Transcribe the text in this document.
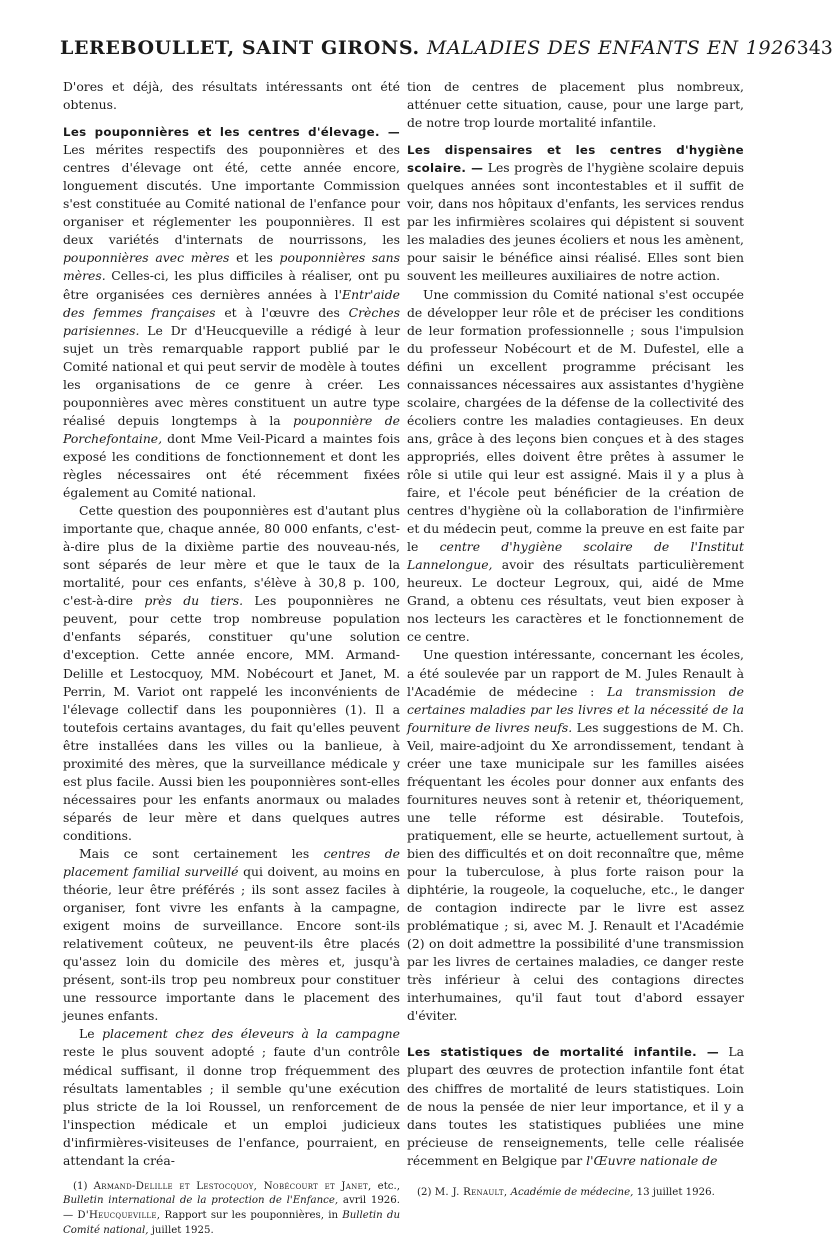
LEREBOULLET, SAINT GIRONS. MALADIES DES ENFANTS EN 1926 343

D'ores et déjà, des résultats intéressants ont été obtenus.

Les pouponnières et les centres d'élevage. — Les mérites respectifs des pouponnières et des centres d'élevage ont été, cette année encore, longuement discutés. Une importante Commission s'est constituée au Comité national de l'enfance pour organiser et réglementer les pouponnières. Il est deux variétés d'internats de nourrissons, les pouponnières avec mères et les pouponnières sans mères. Celles-ci, les plus difficiles à réaliser, ont pu être organisées ces dernières années à l'Entr'aide des femmes françaises et à l'œuvre des Crèches parisiennes. Le Dr d'Heucqueville a rédigé à leur sujet un très remarquable rapport publié par le Comité national et qui peut servir de modèle à toutes les organisations de ce genre à créer. Les pouponnières avec mères constituent un autre type réalisé depuis longtemps à la pouponnière de Porchefontaine, dont Mme Veil-Picard a maintes fois exposé les conditions de fonctionnement et dont les règles nécessaires ont été récemment fixées également au Comité national.

Cette question des pouponnières est d'autant plus importante que, chaque année, 80 000 enfants, c'est-à-dire plus de la dixième partie des nouveau-nés, sont séparés de leur mère et que le taux de la mortalité, pour ces enfants, s'élève à 30,8 p. 100, c'est-à-dire près du tiers. Les pouponnières ne peuvent, pour cette trop nombreuse population d'enfants séparés, constituer qu'une solution d'exception. Cette année encore, MM. Armand-Delille et Lestocquoy, MM. Nobécourt et Janet, M. Perrin, M. Variot ont rappelé les inconvénients de l'élevage collectif dans les pouponnières (1). Il a toutefois certains avantages, du fait qu'elles peuvent être installées dans les villes ou la banlieue, à proximité des mères, que la surveillance médicale y est plus facile. Aussi bien les pouponnières sont-elles nécessaires pour les enfants anormaux ou malades séparés de leur mère et dans quelques autres conditions.

Mais ce sont certainement les centres de placement familial surveillé qui doivent, au moins en théorie, leur être préférés ; ils sont assez faciles à organiser, font vivre les enfants à la campagne, exigent moins de surveillance. Encore sont-ils relativement coûteux, ne peuvent-ils être placés qu'assez loin du domicile des mères et, jusqu'à présent, sont-ils trop peu nombreux pour constituer une ressource importante dans le placement des jeunes enfants.

Le placement chez des éleveurs à la campagne reste le plus souvent adopté ; faute d'un contrôle médical suffisant, il donne trop fréquemment des résultats lamentables ; il semble qu'une exécution plus stricte de la loi Roussel, un renforcement de l'inspection médicale et un emploi judicieux d'infirmières-visiteuses de l'enfance, pourraient, en attendant la créa-

(1) Armand-Delille et Lestocquoy, Nobécourt et Janet, etc., Bulletin international de la protection de l'Enfance, avril 1926. — D'Heucqueville, Rapport sur les pouponnières, in Bulletin du Comité national, juillet 1925.

tion de centres de placement plus nombreux, atténuer cette situation, cause, pour une large part, de notre trop lourde mortalité infantile.

Les dispensaires et les centres d'hygiène scolaire. — Les progrès de l'hygiène scolaire depuis quelques années sont incontestables et il suffit de voir, dans nos hôpitaux d'enfants, les services rendus par les infirmières scolaires qui dépistent si souvent les maladies des jeunes écoliers et nous les amènent, pour saisir le bénéfice ainsi réalisé. Elles sont bien souvent les meilleures auxiliaires de notre action.

Une commission du Comité national s'est occupée de développer leur rôle et de préciser les conditions de leur formation professionnelle ; sous l'impulsion du professeur Nobécourt et de M. Dufestel, elle a défini un excellent programme précisant les connaissances nécessaires aux assistantes d'hygiène scolaire, chargées de la défense de la collectivité des écoliers contre les maladies contagieuses. En deux ans, grâce à des leçons bien conçues et à des stages appropriés, elles doivent être prêtes à assumer le rôle si utile qui leur est assigné. Mais il y a plus à faire, et l'école peut bénéficier de la création de centres d'hygiène où la collaboration de l'infirmière et du médecin peut, comme la preuve en est faite par le centre d'hygiène scolaire de l'Institut Lannelongue, avoir des résultats particulièrement heureux. Le docteur Legroux, qui, aidé de Mme Grand, a obtenu ces résultats, veut bien exposer à nos lecteurs les caractères et le fonctionnement de ce centre.

Une question intéressante, concernant les écoles, a été soulevée par un rapport de M. Jules Renault à l'Académie de médecine : La transmission de certaines maladies par les livres et la nécessité de la fourniture de livres neufs. Les suggestions de M. Ch. Veil, maire-adjoint du Xe arrondissement, tendant à créer une taxe municipale sur les familles aisées fréquentant les écoles pour donner aux enfants des fournitures neuves sont à retenir et, théoriquement, une telle réforme est désirable. Toutefois, pratiquement, elle se heurte, actuellement surtout, à bien des difficultés et on doit reconnaître que, même pour la tuberculose, à plus forte raison pour la diphtérie, la rougeole, la coqueluche, etc., le danger de contagion indirecte par le livre est assez problématique ; si, avec M. J. Renault et l'Académie (2) on doit admettre la possibilité d'une transmission par les livres de certaines maladies, ce danger reste très inférieur à celui des contagions directes interhumaines, qu'il faut tout d'abord essayer d'éviter.

Les statistiques de mortalité infantile. — La plupart des œuvres de protection infantile font état des chiffres de mortalité de leurs statistiques. Loin de nous la pensée de nier leur importance, et il y a dans toutes les statistiques publiées une mine précieuse de renseignements, telle celle réalisée récemment en Belgique par l'Œuvre nationale de

(2) M. J. Renault, Académie de médecine, 13 juillet 1926.
